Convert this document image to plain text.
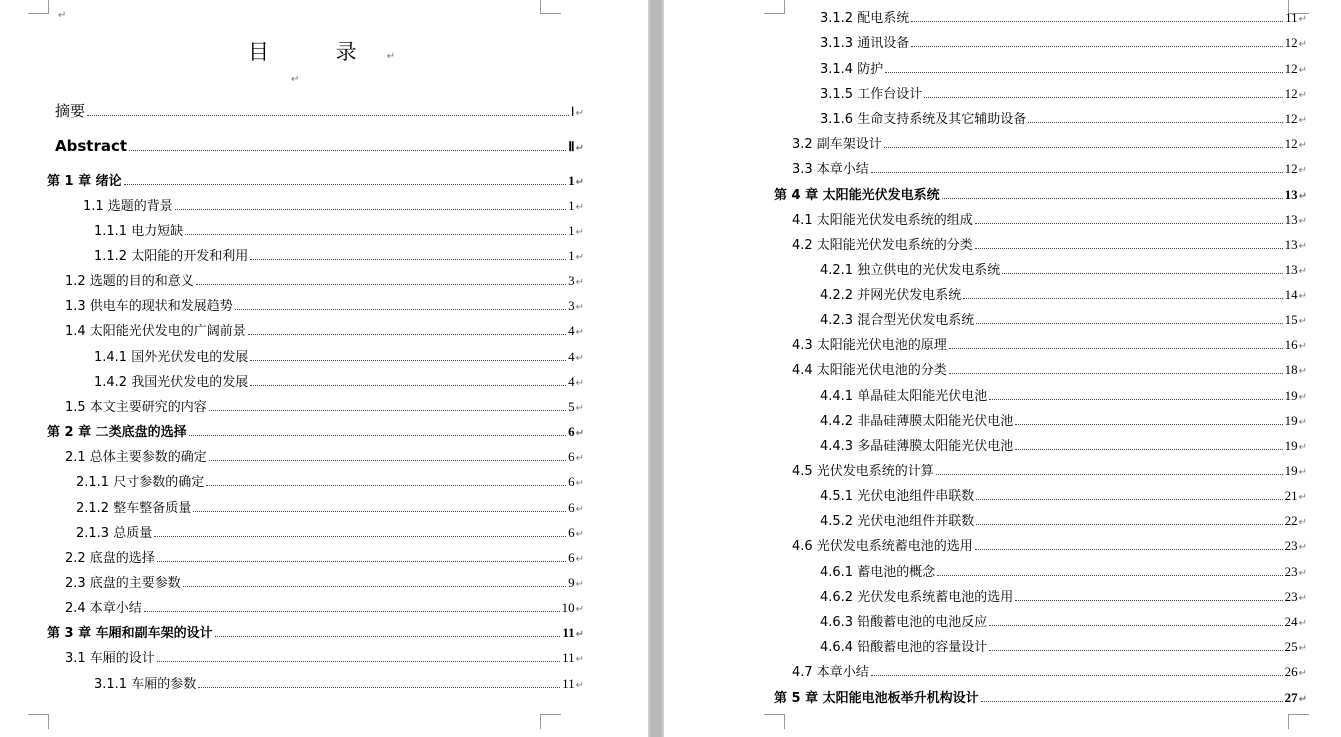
↵
目 录↵
↵
摘要	Ⅰ ↵
Abstract	Ⅱ ↵
第 1 章 绪论	1 ↵
1.1 选题的背景	1 ↵
1.1.1 电力短缺	1 ↵
1.1.2 太阳能的开发和利用	1 ↵
1.2 选题的目的和意义	3 ↵
1.3 供电车的现状和发展趋势	3 ↵
1.4 太阳能光伏发电的广阔前景	4 ↵
1.4.1 国外光伏发电的发展	4 ↵
1.4.2 我国光伏发电的发展	4 ↵
1.5 本文主要研究的内容	5 ↵
第 2 章 二类底盘的选择	6 ↵
2.1 总体主要参数的确定	6 ↵
2.1.1 尺寸参数的确定	6 ↵
2.1.2 整车整备质量	6 ↵
2.1.3 总质量	6 ↵
2.2 底盘的选择	6 ↵
2.3 底盘的主要参数	9 ↵
2.4 本章小结	10 ↵
第 3 章 车厢和副车架的设计	11 ↵
3.1 车厢的设计	11 ↵
3.1.1 车厢的参数	11 ↵
3.1.2 配电系统	11 ↵
3.1.3 通讯设备	12 ↵
3.1.4 防护	12 ↵
3.1.5 工作台设计	12 ↵
3.1.6 生命支持系统及其它辅助设备	12 ↵
3.2 副车架设计	12 ↵
3.3 本章小结	12 ↵
第 4 章 太阳能光伏发电系统	13 ↵
4.1 太阳能光伏发电系统的组成	13 ↵
4.2 太阳能光伏发电系统的分类	13 ↵
4.2.1 独立供电的光伏发电系统	13 ↵
4.2.2 并网光伏发电系统	14 ↵
4.2.3 混合型光伏发电系统	15 ↵
4.3 太阳能光伏电池的原理	16 ↵
4.4 太阳能光伏电池的分类	18 ↵
4.4.1 单晶硅太阳能光伏电池	19 ↵
4.4.2 非晶硅薄膜太阳能光伏电池	19 ↵
4.4.3 多晶硅薄膜太阳能光伏电池	19 ↵
4.5 光伏发电系统的计算	19 ↵
4.5.1 光伏电池组件串联数	21 ↵
4.5.2 光伏电池组件并联数	22 ↵
4.6 光伏发电系统蓄电池的选用	23 ↵
4.6.1 蓄电池的概念	23 ↵
4.6.2 光伏发电系统蓄电池的选用	23 ↵
4.6.3 铅酸蓄电池的电池反应	24 ↵
4.6.4 铅酸蓄电池的容量设计	25 ↵
4.7 本章小结	26 ↵
第 5 章 太阳能电池板举升机构设计	27 ↵
